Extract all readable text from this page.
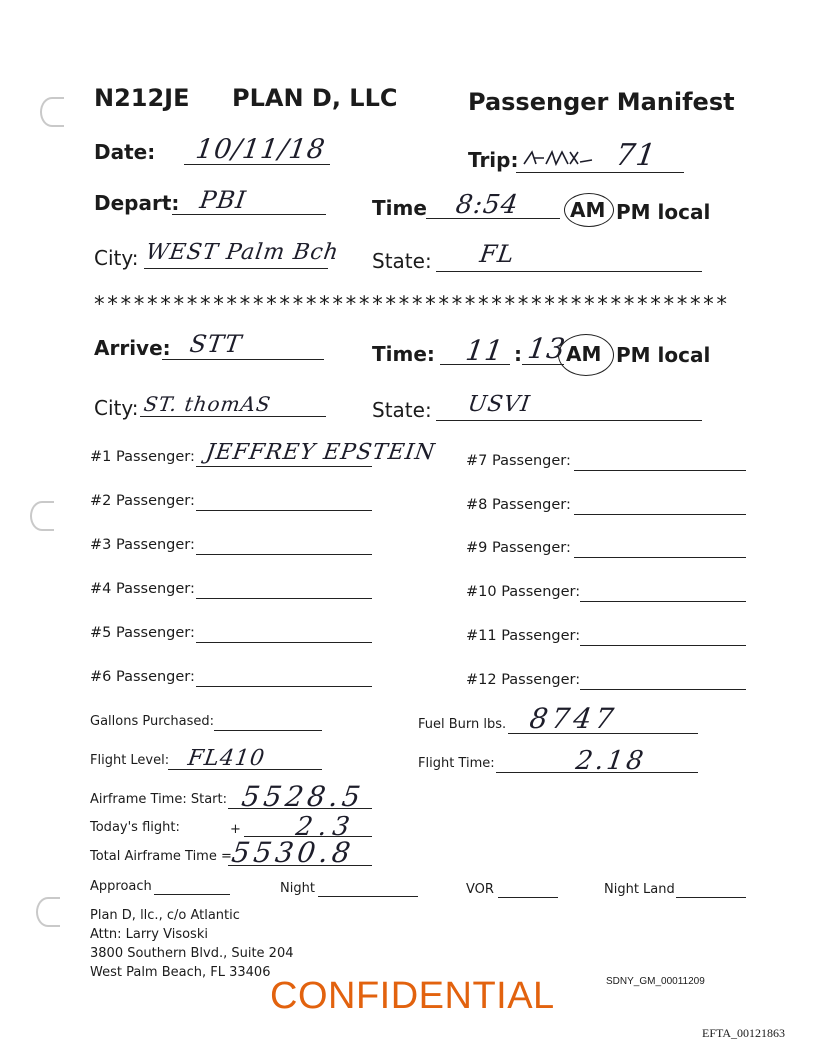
N212JE PLAN D, LLC	Passenger Manifest
Date: 10/11/18	Trip:	71
Depart: PBI	Time 8:54 AM PM local
City: WEST Palm Bch State: FL
************************************************
Arrive: STT	Time: 11 : 13
AM PM local
City: ST. thomAS	State: USVI
#1 Passenger: JEFFREY EPSTEIN
#2 Passenger:
#3 Passenger:
#4 Passenger:
#5 Passenger:
#6 Passenger:
#7 Passenger:
#8 Passenger:
#9 Passenger:
#10 Passenger:
#11 Passenger:
#12 Passenger:
Gallons Purchased:	Fuel Burn lbs. 8747
Flight Level: FL410	Flight Time:	2.18
Airframe Time: Start: 5528.5
Today's flight:	+ 2.3
Total Airframe Time =
5530.8
Approach	Night	VOR	Night Land
Plan D, llc., c/o Atlantic
Attn: Larry Visoski
3800 Southern Blvd., Suite 204
West Palm Beach, FL 33406
SDNY_GM_00011209
CONFIDENTIAL
EFTA_00121863
